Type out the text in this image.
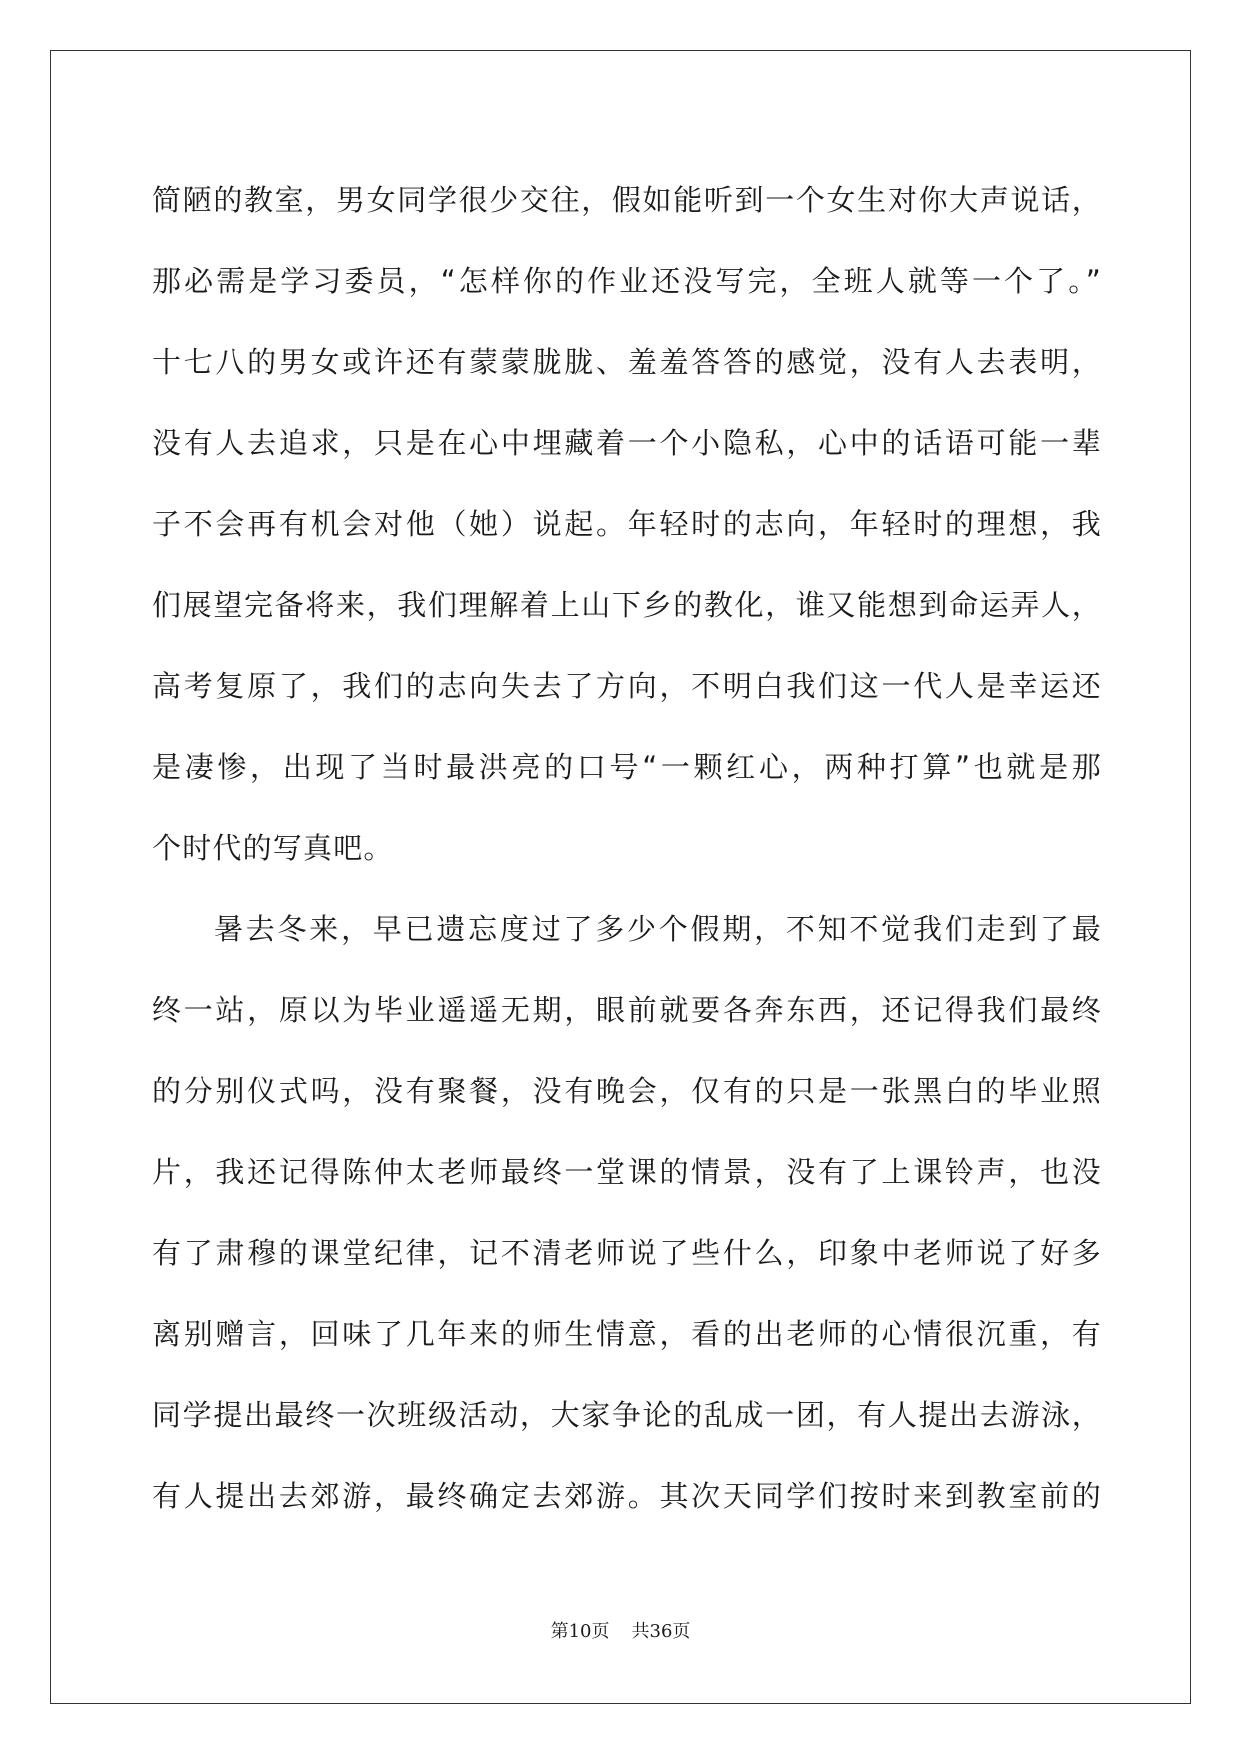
简陋的教室，男女同学很少交往，假如能听到一个女生对你大声说话，
那必需是学习委员，“怎样你的作业还没写完，全班人就等一个了。”
十七八的男女或许还有蒙蒙胧胧、羞羞答答的感觉，没有人去表明，
没有人去追求，只是在心中埋藏着一个小隐私，心中的话语可能一辈
子不会再有机会对他（她）说起。年轻时的志向，年轻时的理想，我
们展望完备将来，我们理解着上山下乡的教化，谁又能想到命运弄人，
高考复原了，我们的志向失去了方向，不明白我们这一代人是幸运还
是凄惨，出现了当时最洪亮的口号“一颗红心，两种打算”也就是那
个时代的写真吧。
暑去冬来，早已遗忘度过了多少个假期，不知不觉我们走到了最
终一站，原以为毕业遥遥无期，眼前就要各奔东西，还记得我们最终
的分别仪式吗，没有聚餐，没有晚会，仅有的只是一张黑白的毕业照
片，我还记得陈仲太老师最终一堂课的情景，没有了上课铃声，也没
有了肃穆的课堂纪律，记不清老师说了些什么，印象中老师说了好多
离别赠言，回味了几年来的师生情意，看的出老师的心情很沉重，有
同学提出最终一次班级活动，大家争论的乱成一团，有人提出去游泳，
有人提出去郊游，最终确定去郊游。其次天同学们按时来到教室前的
第10页 共36页
